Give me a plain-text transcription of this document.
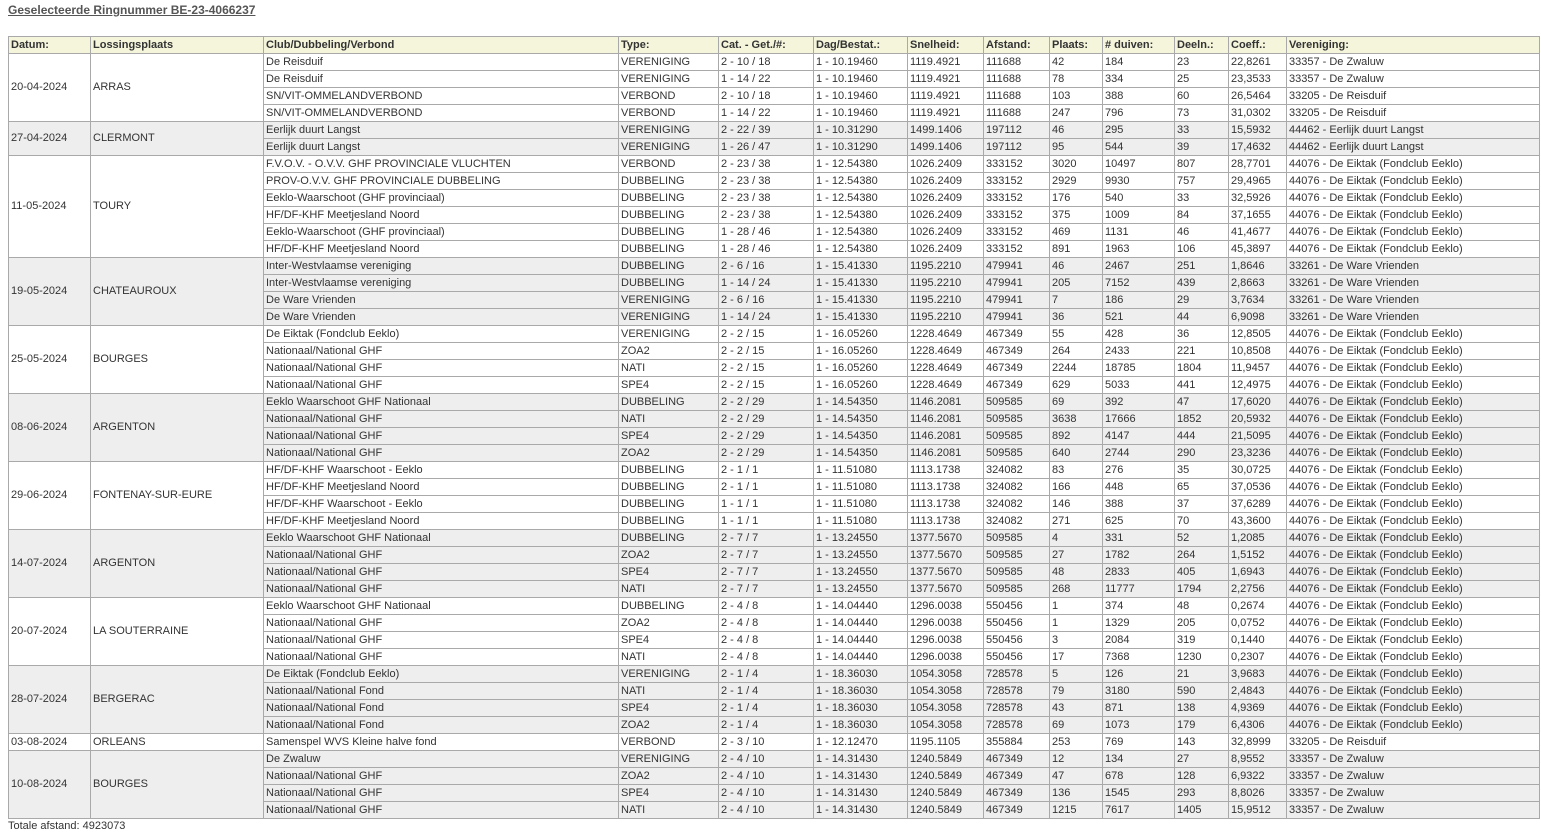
Geselecteerde Ringnummer BE-23-4066237
Datum:	Lossingsplaats	Club/Dubbeling/Verbond	Type:	Cat. - Get./#:	Dag/Bestat.:	Snelheid:	Afstand:	Plaats:	# duiven:	Deeln.:	Coeff.:	Vereniging:
20-04-2024	ARRAS	De Reisduif	VERENIGING	2 - 10 / 18	1 - 10.19460	1119.4921	111688	42	184	23	22,8261	33357 - De Zwaluw
		De Reisduif	VERENIGING	1 - 14 / 22	1 - 10.19460	1119.4921	111688	78	334	25	23,3533	33357 - De Zwaluw
		SN/VIT-OMMELANDVERBOND	VERBOND	2 - 10 / 18	1 - 10.19460	1119.4921	111688	103	388	60	26,5464	33205 - De Reisduif
		SN/VIT-OMMELANDVERBOND	VERBOND	1 - 14 / 22	1 - 10.19460	1119.4921	111688	247	796	73	31,0302	33205 - De Reisduif
27-04-2024	CLERMONT	Eerlijk duurt Langst	VERENIGING	2 - 22 / 39	1 - 10.31290	1499.1406	197112	46	295	33	15,5932	44462 - Eerlijk duurt Langst
		Eerlijk duurt Langst	VERENIGING	1 - 26 / 47	1 - 10.31290	1499.1406	197112	95	544	39	17,4632	44462 - Eerlijk duurt Langst
11-05-2024	TOURY	F.V.O.V. - O.V.V. GHF PROVINCIALE VLUCHTEN	VERBOND	2 - 23 / 38	1 - 12.54380	1026.2409	333152	3020	10497	807	28,7701	44076 - De Eiktak (Fondclub Eeklo)
		PROV-O.V.V. GHF PROVINCIALE DUBBELING	DUBBELING	2 - 23 / 38	1 - 12.54380	1026.2409	333152	2929	9930	757	29,4965	44076 - De Eiktak (Fondclub Eeklo)
		Eeklo-Waarschoot (GHF provinciaal)	DUBBELING	2 - 23 / 38	1 - 12.54380	1026.2409	333152	176	540	33	32,5926	44076 - De Eiktak (Fondclub Eeklo)
		HF/DF-KHF Meetjesland Noord	DUBBELING	2 - 23 / 38	1 - 12.54380	1026.2409	333152	375	1009	84	37,1655	44076 - De Eiktak (Fondclub Eeklo)
		Eeklo-Waarschoot (GHF provinciaal)	DUBBELING	1 - 28 / 46	1 - 12.54380	1026.2409	333152	469	1131	46	41,4677	44076 - De Eiktak (Fondclub Eeklo)
		HF/DF-KHF Meetjesland Noord	DUBBELING	1 - 28 / 46	1 - 12.54380	1026.2409	333152	891	1963	106	45,3897	44076 - De Eiktak (Fondclub Eeklo)
19-05-2024	CHATEAUROUX	Inter-Westvlaamse vereniging	DUBBELING	2 - 6 / 16	1 - 15.41330	1195.2210	479941	46	2467	251	1,8646	33261 - De Ware Vrienden
		Inter-Westvlaamse vereniging	DUBBELING	1 - 14 / 24	1 - 15.41330	1195.2210	479941	205	7152	439	2,8663	33261 - De Ware Vrienden
		De Ware Vrienden	VERENIGING	2 - 6 / 16	1 - 15.41330	1195.2210	479941	7	186	29	3,7634	33261 - De Ware Vrienden
		De Ware Vrienden	VERENIGING	1 - 14 / 24	1 - 15.41330	1195.2210	479941	36	521	44	6,9098	33261 - De Ware Vrienden
25-05-2024	BOURGES	De Eiktak (Fondclub Eeklo)	VERENIGING	2 - 2 / 15	1 - 16.05260	1228.4649	467349	55	428	36	12,8505	44076 - De Eiktak (Fondclub Eeklo)
		Nationaal/National GHF	ZOA2	2 - 2 / 15	1 - 16.05260	1228.4649	467349	264	2433	221	10,8508	44076 - De Eiktak (Fondclub Eeklo)
		Nationaal/National GHF	NATI	2 - 2 / 15	1 - 16.05260	1228.4649	467349	2244	18785	1804	11,9457	44076 - De Eiktak (Fondclub Eeklo)
		Nationaal/National GHF	SPE4	2 - 2 / 15	1 - 16.05260	1228.4649	467349	629	5033	441	12,4975	44076 - De Eiktak (Fondclub Eeklo)
08-06-2024	ARGENTON	Eeklo Waarschoot GHF Nationaal	DUBBELING	2 - 2 / 29	1 - 14.54350	1146.2081	509585	69	392	47	17,6020	44076 - De Eiktak (Fondclub Eeklo)
		Nationaal/National GHF	NATI	2 - 2 / 29	1 - 14.54350	1146.2081	509585	3638	17666	1852	20,5932	44076 - De Eiktak (Fondclub Eeklo)
		Nationaal/National GHF	SPE4	2 - 2 / 29	1 - 14.54350	1146.2081	509585	892	4147	444	21,5095	44076 - De Eiktak (Fondclub Eeklo)
		Nationaal/National GHF	ZOA2	2 - 2 / 29	1 - 14.54350	1146.2081	509585	640	2744	290	23,3236	44076 - De Eiktak (Fondclub Eeklo)
29-06-2024	FONTENAY-SUR-EURE	HF/DF-KHF Waarschoot - Eeklo	DUBBELING	2 - 1 / 1	1 - 11.51080	1113.1738	324082	83	276	35	30,0725	44076 - De Eiktak (Fondclub Eeklo)
		HF/DF-KHF Meetjesland Noord	DUBBELING	2 - 1 / 1	1 - 11.51080	1113.1738	324082	166	448	65	37,0536	44076 - De Eiktak (Fondclub Eeklo)
		HF/DF-KHF Waarschoot - Eeklo	DUBBELING	1 - 1 / 1	1 - 11.51080	1113.1738	324082	146	388	37	37,6289	44076 - De Eiktak (Fondclub Eeklo)
		HF/DF-KHF Meetjesland Noord	DUBBELING	1 - 1 / 1	1 - 11.51080	1113.1738	324082	271	625	70	43,3600	44076 - De Eiktak (Fondclub Eeklo)
14-07-2024	ARGENTON	Eeklo Waarschoot GHF Nationaal	DUBBELING	2 - 7 / 7	1 - 13.24550	1377.5670	509585	4	331	52	1,2085	44076 - De Eiktak (Fondclub Eeklo)
		Nationaal/National GHF	ZOA2	2 - 7 / 7	1 - 13.24550	1377.5670	509585	27	1782	264	1,5152	44076 - De Eiktak (Fondclub Eeklo)
		Nationaal/National GHF	SPE4	2 - 7 / 7	1 - 13.24550	1377.5670	509585	48	2833	405	1,6943	44076 - De Eiktak (Fondclub Eeklo)
		Nationaal/National GHF	NATI	2 - 7 / 7	1 - 13.24550	1377.5670	509585	268	11777	1794	2,2756	44076 - De Eiktak (Fondclub Eeklo)
20-07-2024	LA SOUTERRAINE	Eeklo Waarschoot GHF Nationaal	DUBBELING	2 - 4 / 8	1 - 14.04440	1296.0038	550456	1	374	48	0,2674	44076 - De Eiktak (Fondclub Eeklo)
		Nationaal/National GHF	ZOA2	2 - 4 / 8	1 - 14.04440	1296.0038	550456	1	1329	205	0,0752	44076 - De Eiktak (Fondclub Eeklo)
		Nationaal/National GHF	SPE4	2 - 4 / 8	1 - 14.04440	1296.0038	550456	3	2084	319	0,1440	44076 - De Eiktak (Fondclub Eeklo)
		Nationaal/National GHF	NATI	2 - 4 / 8	1 - 14.04440	1296.0038	550456	17	7368	1230	0,2307	44076 - De Eiktak (Fondclub Eeklo)
28-07-2024	BERGERAC	De Eiktak (Fondclub Eeklo)	VERENIGING	2 - 1 / 4	1 - 18.36030	1054.3058	728578	5	126	21	3,9683	44076 - De Eiktak (Fondclub Eeklo)
		Nationaal/National Fond	NATI	2 - 1 / 4	1 - 18.36030	1054.3058	728578	79	3180	590	2,4843	44076 - De Eiktak (Fondclub Eeklo)
		Nationaal/National Fond	SPE4	2 - 1 / 4	1 - 18.36030	1054.3058	728578	43	871	138	4,9369	44076 - De Eiktak (Fondclub Eeklo)
		Nationaal/National Fond	ZOA2	2 - 1 / 4	1 - 18.36030	1054.3058	728578	69	1073	179	6,4306	44076 - De Eiktak (Fondclub Eeklo)
03-08-2024	ORLEANS	Samenspel WVS Kleine halve fond	VERBOND	2 - 3 / 10	1 - 12.12470	1195.1105	355884	253	769	143	32,8999	33205 - De Reisduif
10-08-2024	BOURGES	De Zwaluw	VERENIGING	2 - 4 / 10	1 - 14.31430	1240.5849	467349	12	134	27	8,9552	33357 - De Zwaluw
		Nationaal/National GHF	ZOA2	2 - 4 / 10	1 - 14.31430	1240.5849	467349	47	678	128	6,9322	33357 - De Zwaluw
		Nationaal/National GHF	SPE4	2 - 4 / 10	1 - 14.31430	1240.5849	467349	136	1545	293	8,8026	33357 - De Zwaluw
		Nationaal/National GHF	NATI	2 - 4 / 10	1 - 14.31430	1240.5849	467349	1215	7617	1405	15,9512	33357 - De Zwaluw
Totale afstand: 4923073
